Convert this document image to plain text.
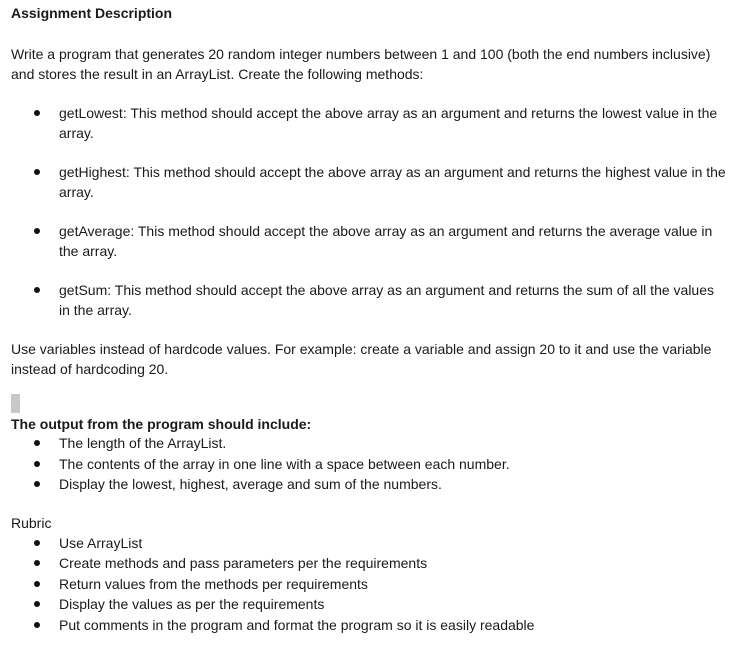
Assignment Description

Write a program that generates 20 random integer numbers between 1 and 100 (both the end numbers inclusive) and stores the result in an ArrayList. Create the following methods:

getLowest: This method should accept the above array as an argument and returns the lowest value in the array.
getHighest: This method should accept the above array as an argument and returns the highest value in the array.
getAverage: This method should accept the above array as an argument and returns the average value in the array.
getSum: This method should accept the above array as an argument and returns the sum of all the values in the array.

Use variables instead of hardcode values. For example: create a variable and assign 20 to it and use the variable instead of hardcoding 20.

The output from the program should include:

The length of the ArrayList.
The contents of the array in one line with a space between each number.
Display the lowest, highest, average and sum of the numbers.

Rubric

Use ArrayList
Create methods and pass parameters per the requirements
Return values from the methods per requirements
Display the values as per the requirements
Put comments in the program and format the program so it is easily readable
